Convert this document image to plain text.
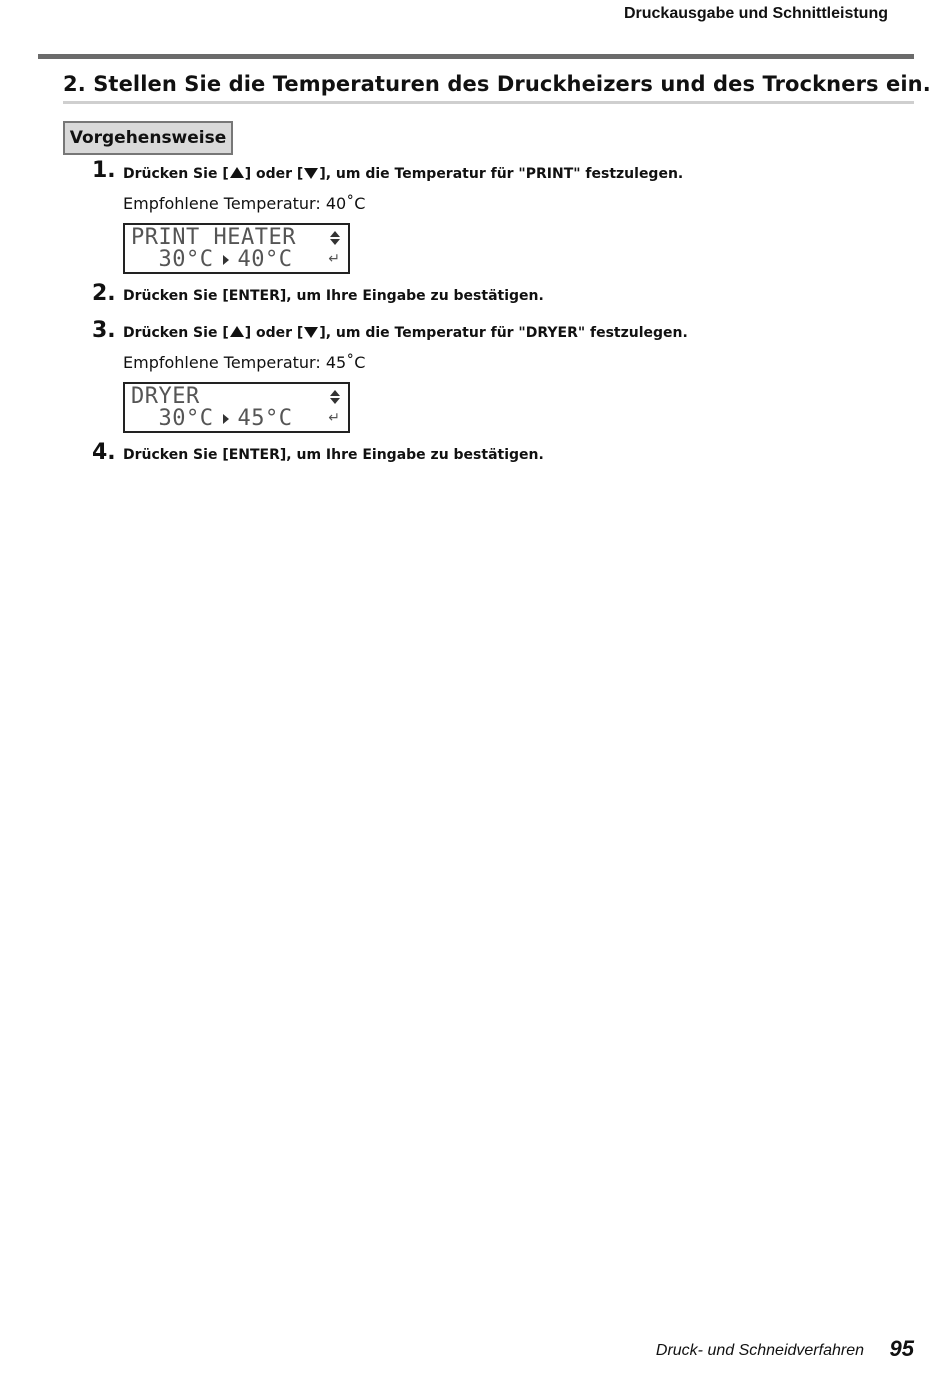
Druckausgabe und Schnittleistung
2. Stellen Sie die Temperaturen des Druckheizers und des Trockners ein.
Vorgehensweise
1. Drücken Sie [ ] oder [ ], um die Temperatur für "PRINT" festzulegen.
Empfohlene Temperatur: 40˚C
PRINT HEATER
30°C 40°C	↵
2. Drücken Sie [ENTER], um Ihre Eingabe zu bestätigen.
3. Drücken Sie [ ] oder [ ], um die Temperatur für "DRYER" festzulegen.
Empfohlene Temperatur: 45˚C
DRYER
30°C 45°C	↵
4. Drücken Sie [ENTER], um Ihre Eingabe zu bestätigen.
Druck- und Schneidverfahren 95
